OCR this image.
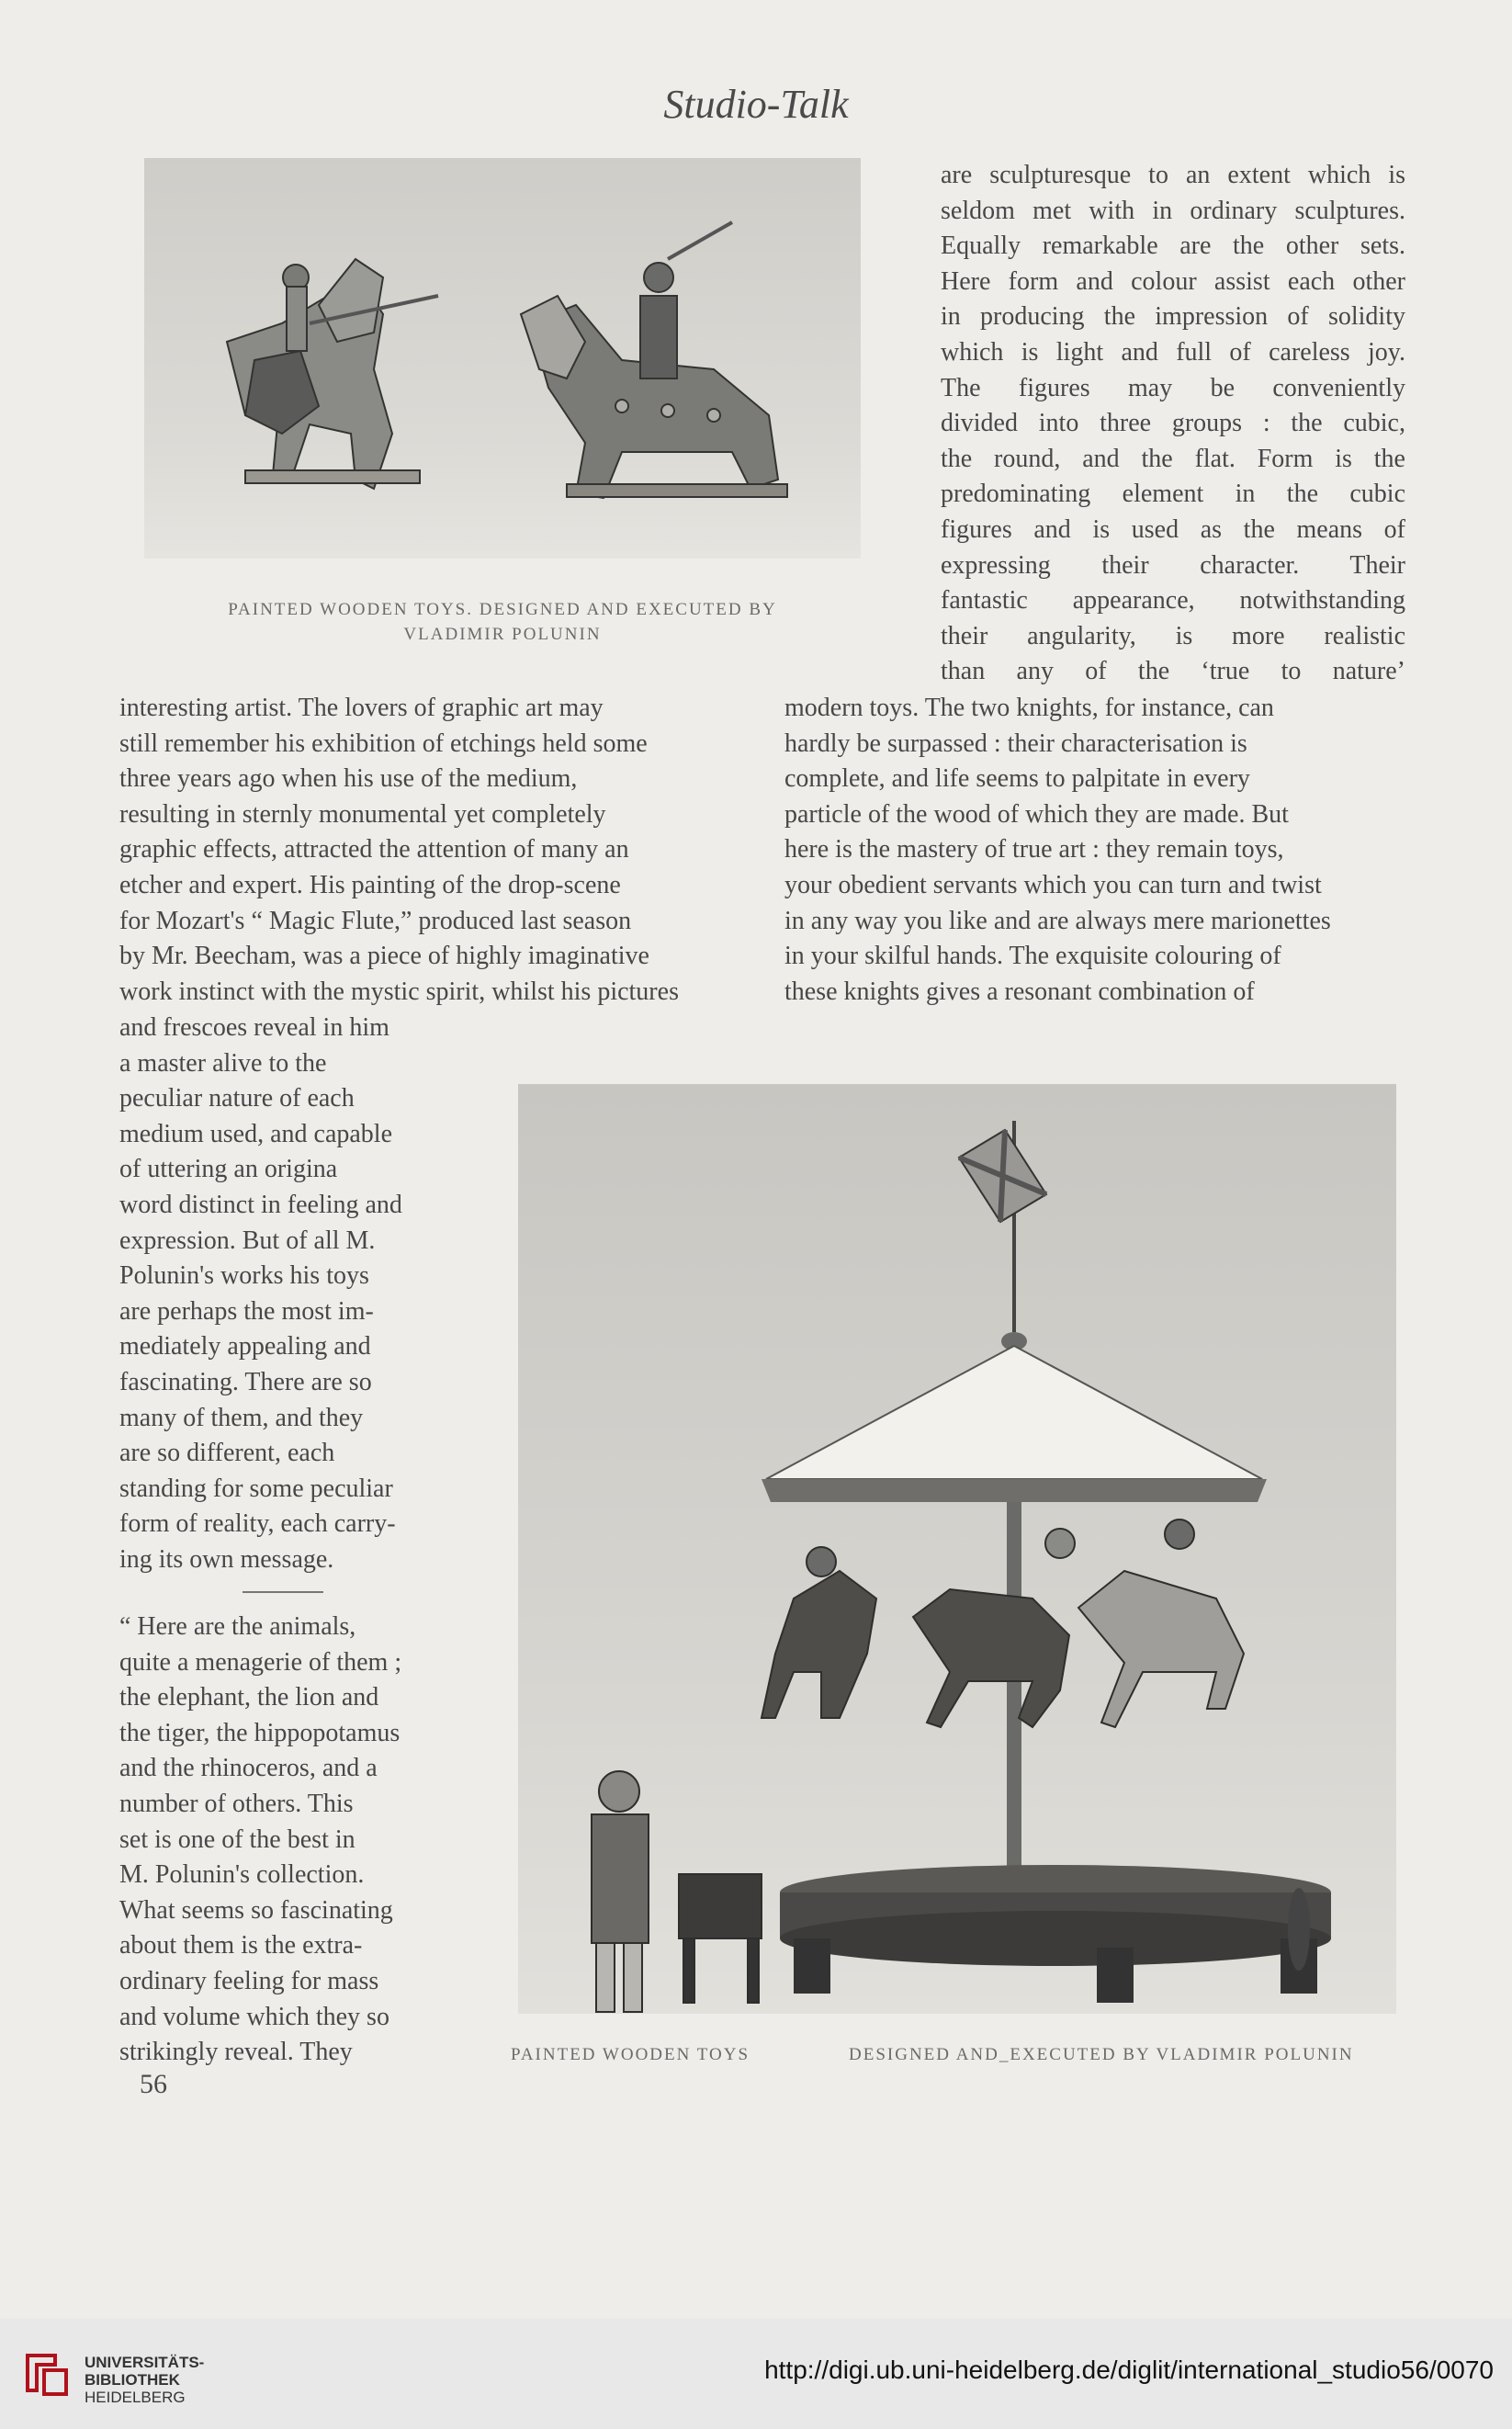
Studio-Talk
PAINTED WOODEN TOYS. DESIGNED AND EXECUTED BY
VLADIMIR POLUNIN
are sculpturesque to an extent which is
seldom met with in ordinary sculptures.
Equally remarkable are the other sets.
Here form and colour assist each other
in producing the impression of solidity
which is light and full of careless joy.
The figures may be conveniently
divided into three groups : the cubic,
the round, and the flat. Form is the
predominating element in the cubic
figures and is used as the means of
expressing their character. Their
fantastic appearance, notwithstanding
their angularity, is more realistic
than any of the ‘true to nature’
interesting artist. The lovers of graphic art may
still remember his exhibition of etchings held some
three years ago when his use of the medium,
resulting in sternly monumental yet completely
graphic effects, attracted the attention of many an
etcher and expert. His painting of the drop-scene
for Mozart's “ Magic Flute,” produced last season
by Mr. Beecham, was a piece of highly imaginative
work instinct with the mystic spirit, whilst his pictures
modern toys. The two knights, for instance, can
hardly be surpassed : their characterisation is
complete, and life seems to palpitate in every
particle of the wood of which they are made. But
here is the mastery of true art : they remain toys,
your obedient servants which you can turn and twist
in any way you like and are always mere marionettes
in your skilful hands. The exquisite colouring of
these knights gives a resonant combination of
and frescoes reveal in him
a master alive to the
peculiar nature of each
medium used, and capable
of uttering an origina
word distinct in feeling and
expression. But of all M.
Polunin's works his toys
are perhaps the most im-
mediately appealing and
fascinating. There are so
many of them, and they
are so different, each
standing for some peculiar
form of reality, each carry-
ing its own message.
“ Here are the animals,
quite a menagerie of them ;
the elephant, the lion and
the tiger, the hippopotamus
and the rhinoceros, and a
number of others. This
set is one of the best in
M. Polunin's collection.
What seems so fascinating
about them is the extra-
ordinary feeling for mass
and volume which they so
strikingly reveal. They
56
PAINTED WOODEN TOYS	DESIGNED AND_EXECUTED BY VLADIMIR POLUNIN
UNIVERSITÄTS-
BIBLIOTHEK
HEIDELBERG
http://digi.ub.uni-heidelberg.de/diglit/international_studio56/0070
